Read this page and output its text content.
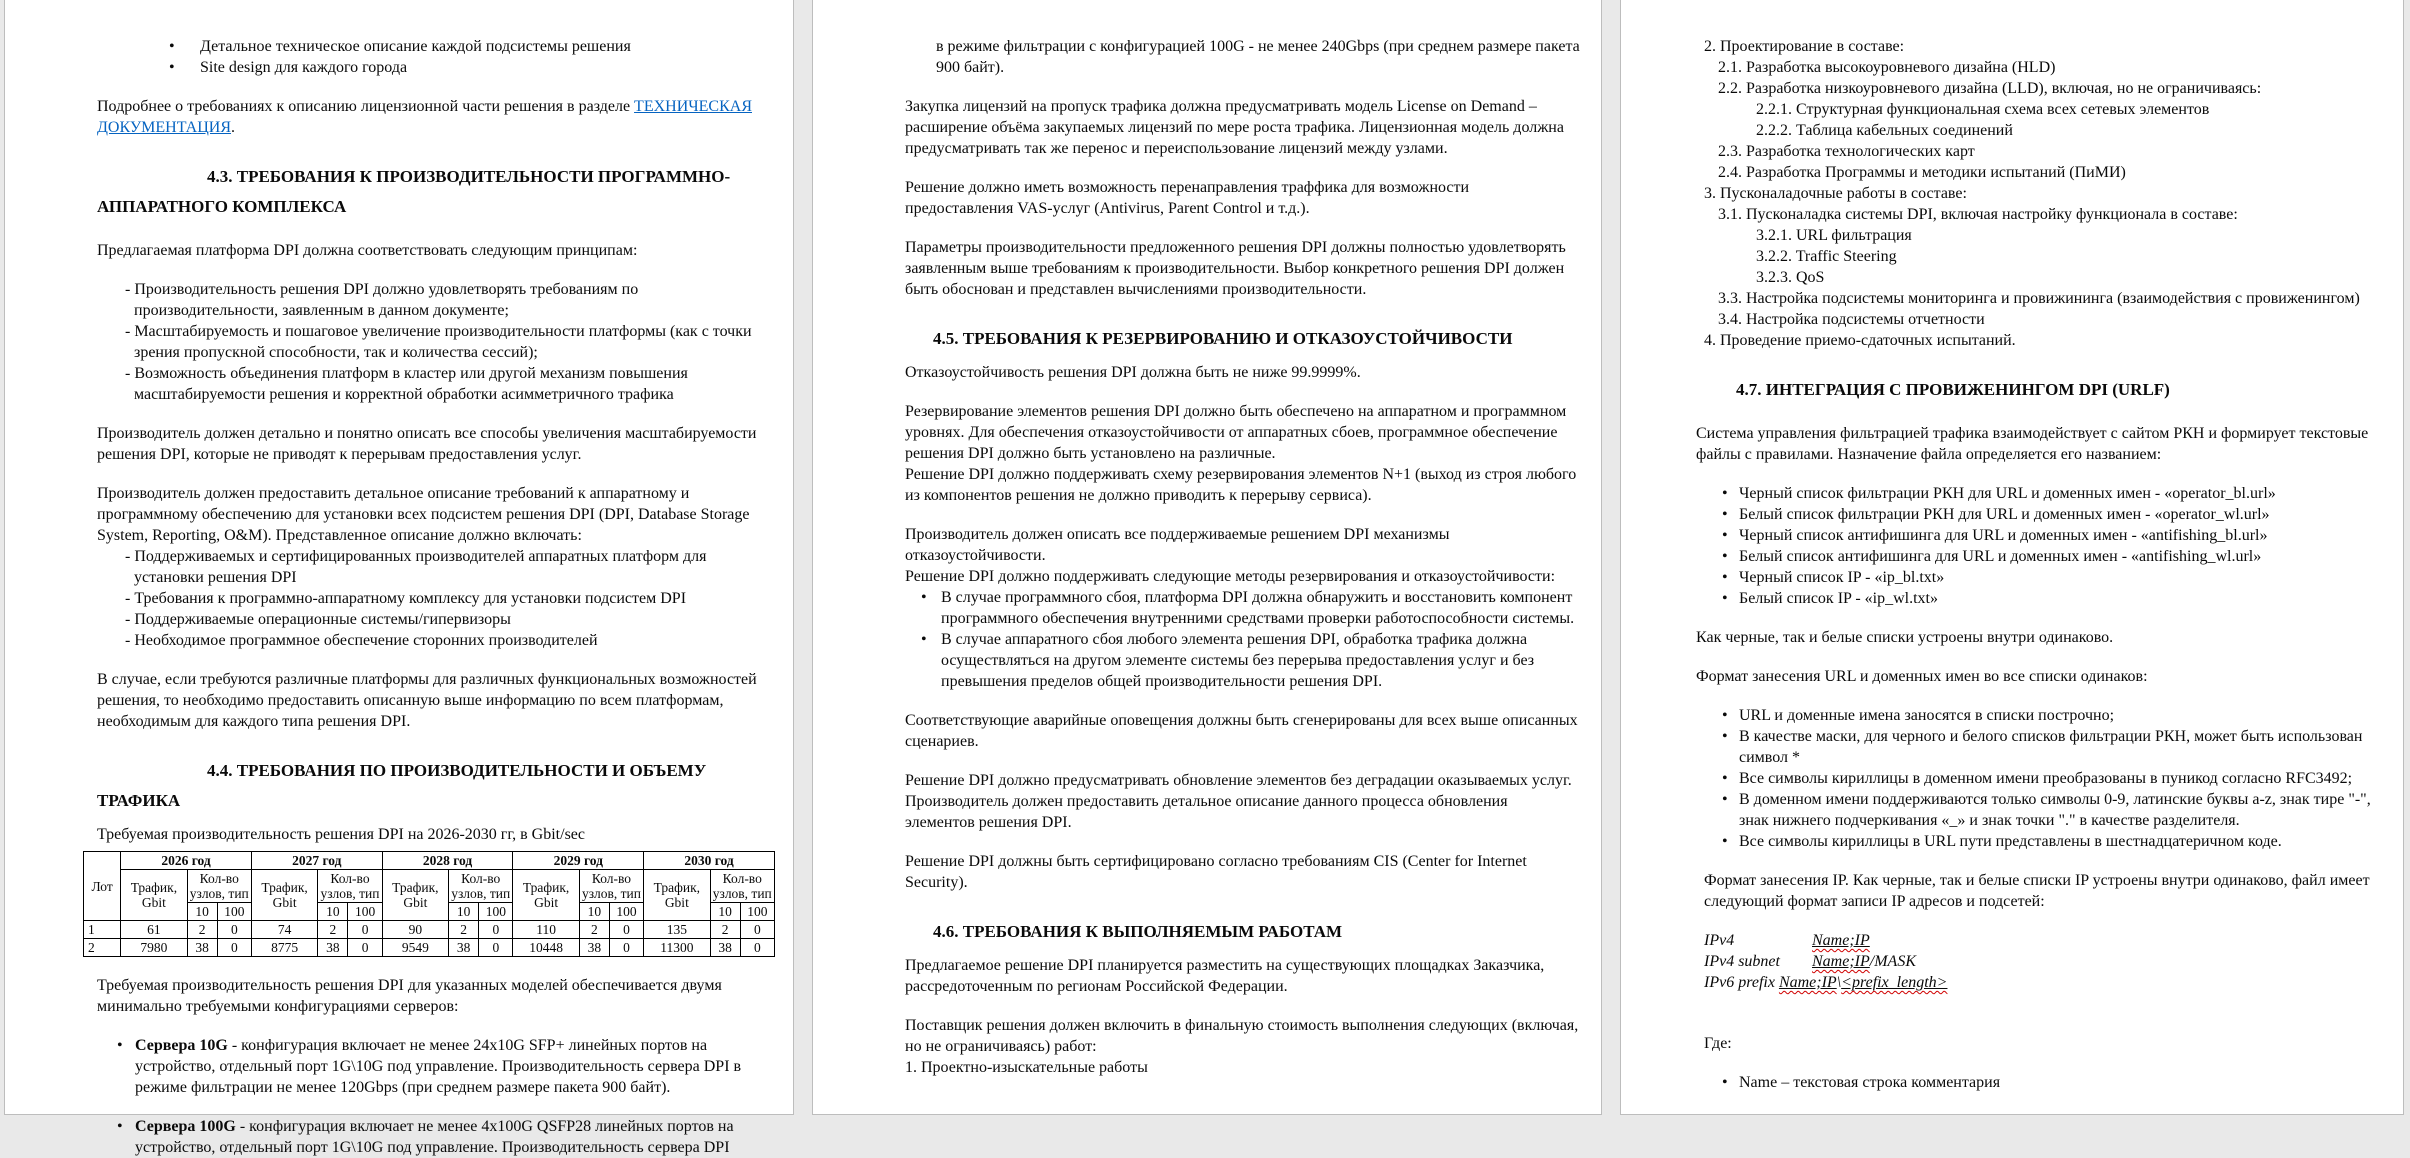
• Детальное техническое описание каждой подсистемы решения
• Site design для каждого города
Подробнее о требованиях к описанию лицензионной части решения в разделе ТЕХНИЧЕСКАЯ ДОКУМЕНТАЦИЯ.
4.3. ТРЕБОВАНИЯ К ПРОИЗВОДИТЕЛЬНОСТИ ПРОГРАММНО-АППАРАТНОГО КОМПЛЕКСА
Предлагаемая платформа DPI должна соответствовать следующим принципам:
- Производительность решения DPI должно удовлетворять требованиям по производительности, заявленным в данном документе;
- Масштабируемость и пошаговое увеличение производительности платформы (как с точки зрения пропускной способности, так и количества сессий);
- Возможность объединения платформ в кластер или другой механизм повышения масштабируемости решения и корректной обработки асимметричного трафика
Производитель должен детально и понятно описать все способы увеличения масштабируемости решения DPI, которые не приводят к перерывам предоставления услуг.
Производитель должен предоставить детальное описание требований к аппаратному и программному обеспечению для установки всех подсистем решения DPI (DPI, Database Storage System, Reporting, O&M). Представленное описание должно включать:
- Поддерживаемых и сертифицированных производителей аппаратных платформ для установки решения DPI
- Требования к программно-аппаратному комплексу для установки подсистем DPI
- Поддерживаемые операционные системы/гипервизоры
- Необходимое программное обеспечение сторонних производителей
В случае, если требуются различные платформы для различных функциональных возможностей решения, то необходимо предоставить описанную выше информацию по всем платформам, необходимым для каждого типа решения DPI.
4.4. ТРЕБОВАНИЯ ПО ПРОИЗВОДИТЕЛЬНОСТИ И ОБЪЕМУ ТРАФИКА
Требуемая производительность решения DPI на 2026-2030 гг, в Gbit/sec
Лот	2026 год			2027 год			2028 год			2029 год			2030 год		
	Трафик, Gbit	Кол-во узлов, тип		Трафик, Gbit	Кол-во узлов, тип		Трафик, Gbit	Кол-во узлов, тип		Трафик, Gbit	Кол-во узлов, тип		Трафик, Gbit	Кол-во узлов, тип	
		10	100		10	100		10	100		10	100		10	100
1	61	2	0	74	2	0	90	2	0	110	2	0	135	2	0
2	7980	38	0	8775	38	0	9549	38	0	10448	38	0	11300	38	0
Требуемая производительность решения DPI для указанных моделей обеспечивается двумя минимально требуемыми конфигурациями серверов:
• Сервера 10G - конфигурация включает не менее 24x10G SFP+ линейных портов на устройство, отдельный порт 1G\10G под управление. Производительность сервера DPI в режиме фильтрации не менее 120Gbps (при среднем размере пакета 900 байт).
• Сервера 100G - конфигурация включает не менее 4x100G QSFP28 линейных портов на устройство, отдельный порт 1G\10G под управление. Производительность сервера DPI
в режиме фильтрации с конфигурацией 100G - не менее 240Gbps (при среднем размере пакета 900 байт).
Закупка лицензий на пропуск трафика должна предусматривать модель License on Demand – расширение объёма закупаемых лицензий по мере роста трафика. Лицензионная модель должна предусматривать так же перенос и переиспользование лицензий между узлами.
Решение должно иметь возможность перенаправления траффика для возможности предоставления VAS-услуг (Antivirus, Parent Control и т.д.).
Параметры производительности предложенного решения DPI должны полностью удовлетворять заявленным выше требованиям к производительности. Выбор конкретного решения DPI должен быть обоснован и представлен вычислениями производительности.
4.5. ТРЕБОВАНИЯ К РЕЗЕРВИРОВАНИЮ И ОТКАЗОУСТОЙЧИВОСТИ
Отказоустойчивость решения DPI должна быть не ниже 99.9999%.
Резервирование элементов решения DPI должно быть обеспечено на аппаратном и программном уровнях. Для обеспечения отказоустойчивости от аппаратных сбоев, программное обеспечение решения DPI должно быть установлено на различные.
Решение DPI должно поддерживать схему резервирования элементов N+1 (выход из строя любого из компонентов решения не должно приводить к перерыву сервиса).
Производитель должен описать все поддерживаемые решением DPI механизмы отказоустойчивости.
Решение DPI должно поддерживать следующие методы резервирования и отказоустойчивости:
• В случае программного сбоя, платформа DPI должна обнаружить и восстановить компонент программного обеспечения внутренними средствами проверки работоспособности системы.
• В случае аппаратного сбоя любого элемента решения DPI, обработка трафика должна осуществляться на другом элементе системы без перерыва предоставления услуг и без превышения пределов общей производительности решения DPI.
Соответствующие аварийные оповещения должны быть сгенерированы для всех выше описанных сценариев.
Решение DPI должно предусматривать обновление элементов без деградации оказываемых услуг. Производитель должен предоставить детальное описание данного процесса обновления элементов решения DPI.
Решение DPI должны быть сертифицировано согласно требованиям CIS (Center for Internet Security).
4.6. ТРЕБОВАНИЯ К ВЫПОЛНЯЕМЫМ РАБОТАМ
Предлагаемое решение DPI планируется разместить на существующих площадках Заказчика, рассредоточенным по регионам Российской Федерации.
Поставщик решения должен включить в финальную стоимость выполнения следующих (включая, но не ограничиваясь) работ:
1. Проектно-изыскательные работы
2. Проектирование в составе:
2.1. Разработка высокоуровневого дизайна (HLD)
2.2. Разработка низкоуровневого дизайна (LLD), включая, но не ограничиваясь:
2.2.1. Структурная функциональная схема всех сетевых элементов
2.2.2. Таблица кабельных соединений
2.3. Разработка технологических карт
2.4. Разработка Программы и методики испытаний (ПиМИ)
3. Пусконаладочные работы в составе:
3.1. Пусконаладка системы DPI, включая настройку функционала в составе:
3.2.1. URL фильтрация
3.2.2. Traffic Steering
3.2.3. QoS
3.3. Настройка подсистемы мониторинга и провижининга (взаимодействия с провиженингом)
3.4. Настройка подсистемы отчетности
4. Проведение приемо-сдаточных испытаний.
4.7. ИНТЕГРАЦИЯ С ПРОВИЖЕНИНГОМ DPI (URLF)
Система управления фильтрацией трафика взаимодействует с сайтом РКН и формирует текстовые файлы с правилами. Назначение файла определяется его названием:
• Черный список фильтрации РКН для URL и доменных имен - «operator_bl.url»
• Белый список фильтрации РКН для URL и доменных имен - «operator_wl.url»
• Черный список антифишинга для URL и доменных имен - «antifishing_bl.url»
• Белый список антифишинга для URL и доменных имен - «antifishing_wl.url»
• Черный список IP - «ip_bl.txt»
• Белый список IP - «ip_wl.txt»
Как черные, так и белые списки устроены внутри одинаково.
Формат занесения URL и доменных имен во все списки одинаков:
• URL и доменные имена заносятся в списки построчно;
• В качестве маски, для черного и белого списков фильтрации РКН, может быть использован символ *
• Все символы кириллицы в доменном имени преобразованы в пуникод согласно RFC3492;
• В доменном имени поддерживаются только символы 0-9, латинские буквы a-z, знак тире "-", знак нижнего подчеркивания «_» и знак точки "." в качестве разделителя.
• Все символы кириллицы в URL пути представлены в шестнадцатеричном коде.
Формат занесения IP. Как черные, так и белые списки IP устроены внутри одинаково, файл имеет следующий формат записи IP адресов и подсетей:
IPv4	Name;IP
IPv4 subnet Name;IP/MASK
IPv6 prefix Name;IP\<prefix_length>
Где:
• Name – текстовая строка комментария
